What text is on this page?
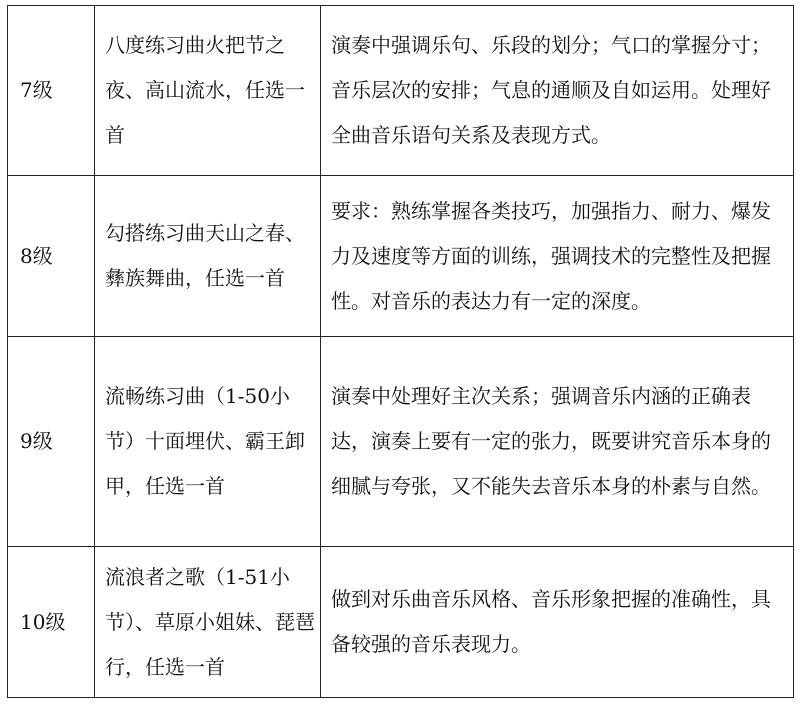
7级	八度练习曲火把节之夜、高山流水，任选一首	演奏中强调乐句、乐段的划分；气口的掌握分寸；音乐层次的安排；气息的通顺及自如运用。处理好全曲音乐语句关系及表现方式。

8级	勾搭练习曲天山之春、彝族舞曲，任选一首	要求：熟练掌握各类技巧，加强指力、耐力、爆发力及速度等方面的训练，强调技术的完整性及把握性。对音乐的表达力有一定的深度。

9级	流畅练习曲（1-50小节）十面埋伏、霸王卸甲，任选一首	演奏中处理好主次关系；强调音乐内涵的正确表达，演奏上要有一定的张力，既要讲究音乐本身的细腻与夸张，又不能失去音乐本身的朴素与自然。

10级	流浪者之歌（1-51小节）、草原小姐妹、琵琶行，任选一首	做到对乐曲音乐风格、音乐形象把握的准确性，具备较强的音乐表现力。
